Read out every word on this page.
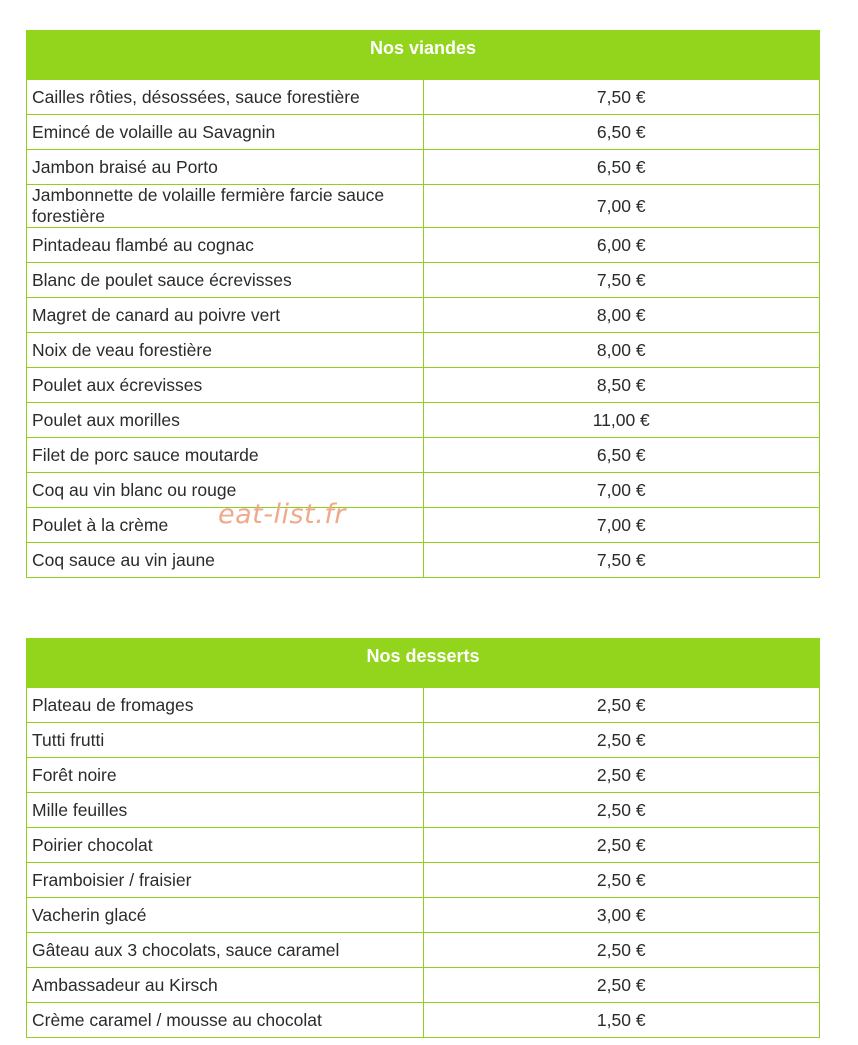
Nos viandes	
Cailles rôties, désossées, sauce forestière	7,50 €
Emincé de volaille au Savagnin	6,50 €
Jambon braisé au Porto	6,50 €
Jambonnette de volaille fermière farcie sauce forestière	7,00 €
Pintadeau flambé au cognac	6,00 €
Blanc de poulet sauce écrevisses	7,50 €
Magret de canard au poivre vert	8,00 €
Noix de veau forestière	8,00 €
Poulet aux écrevisses	8,50 €
Poulet aux morilles	11,00 €
Filet de porc sauce moutarde	6,50 €
Coq au vin blanc ou rouge	7,00 €
Poulet à la crème	7,00 €
Coq sauce au vin jaune	7,50 €
Nos desserts	
Plateau de fromages	2,50 €
Tutti frutti	2,50 €
Forêt noire	2,50 €
Mille feuilles	2,50 €
Poirier chocolat	2,50 €
Framboisier / fraisier	2,50 €
Vacherin glacé	3,00 €
Gâteau aux 3 chocolats, sauce caramel	2,50 €
Ambassadeur au Kirsch	2,50 €
Crème caramel / mousse au chocolat	1,50 €
eat-list.fr
